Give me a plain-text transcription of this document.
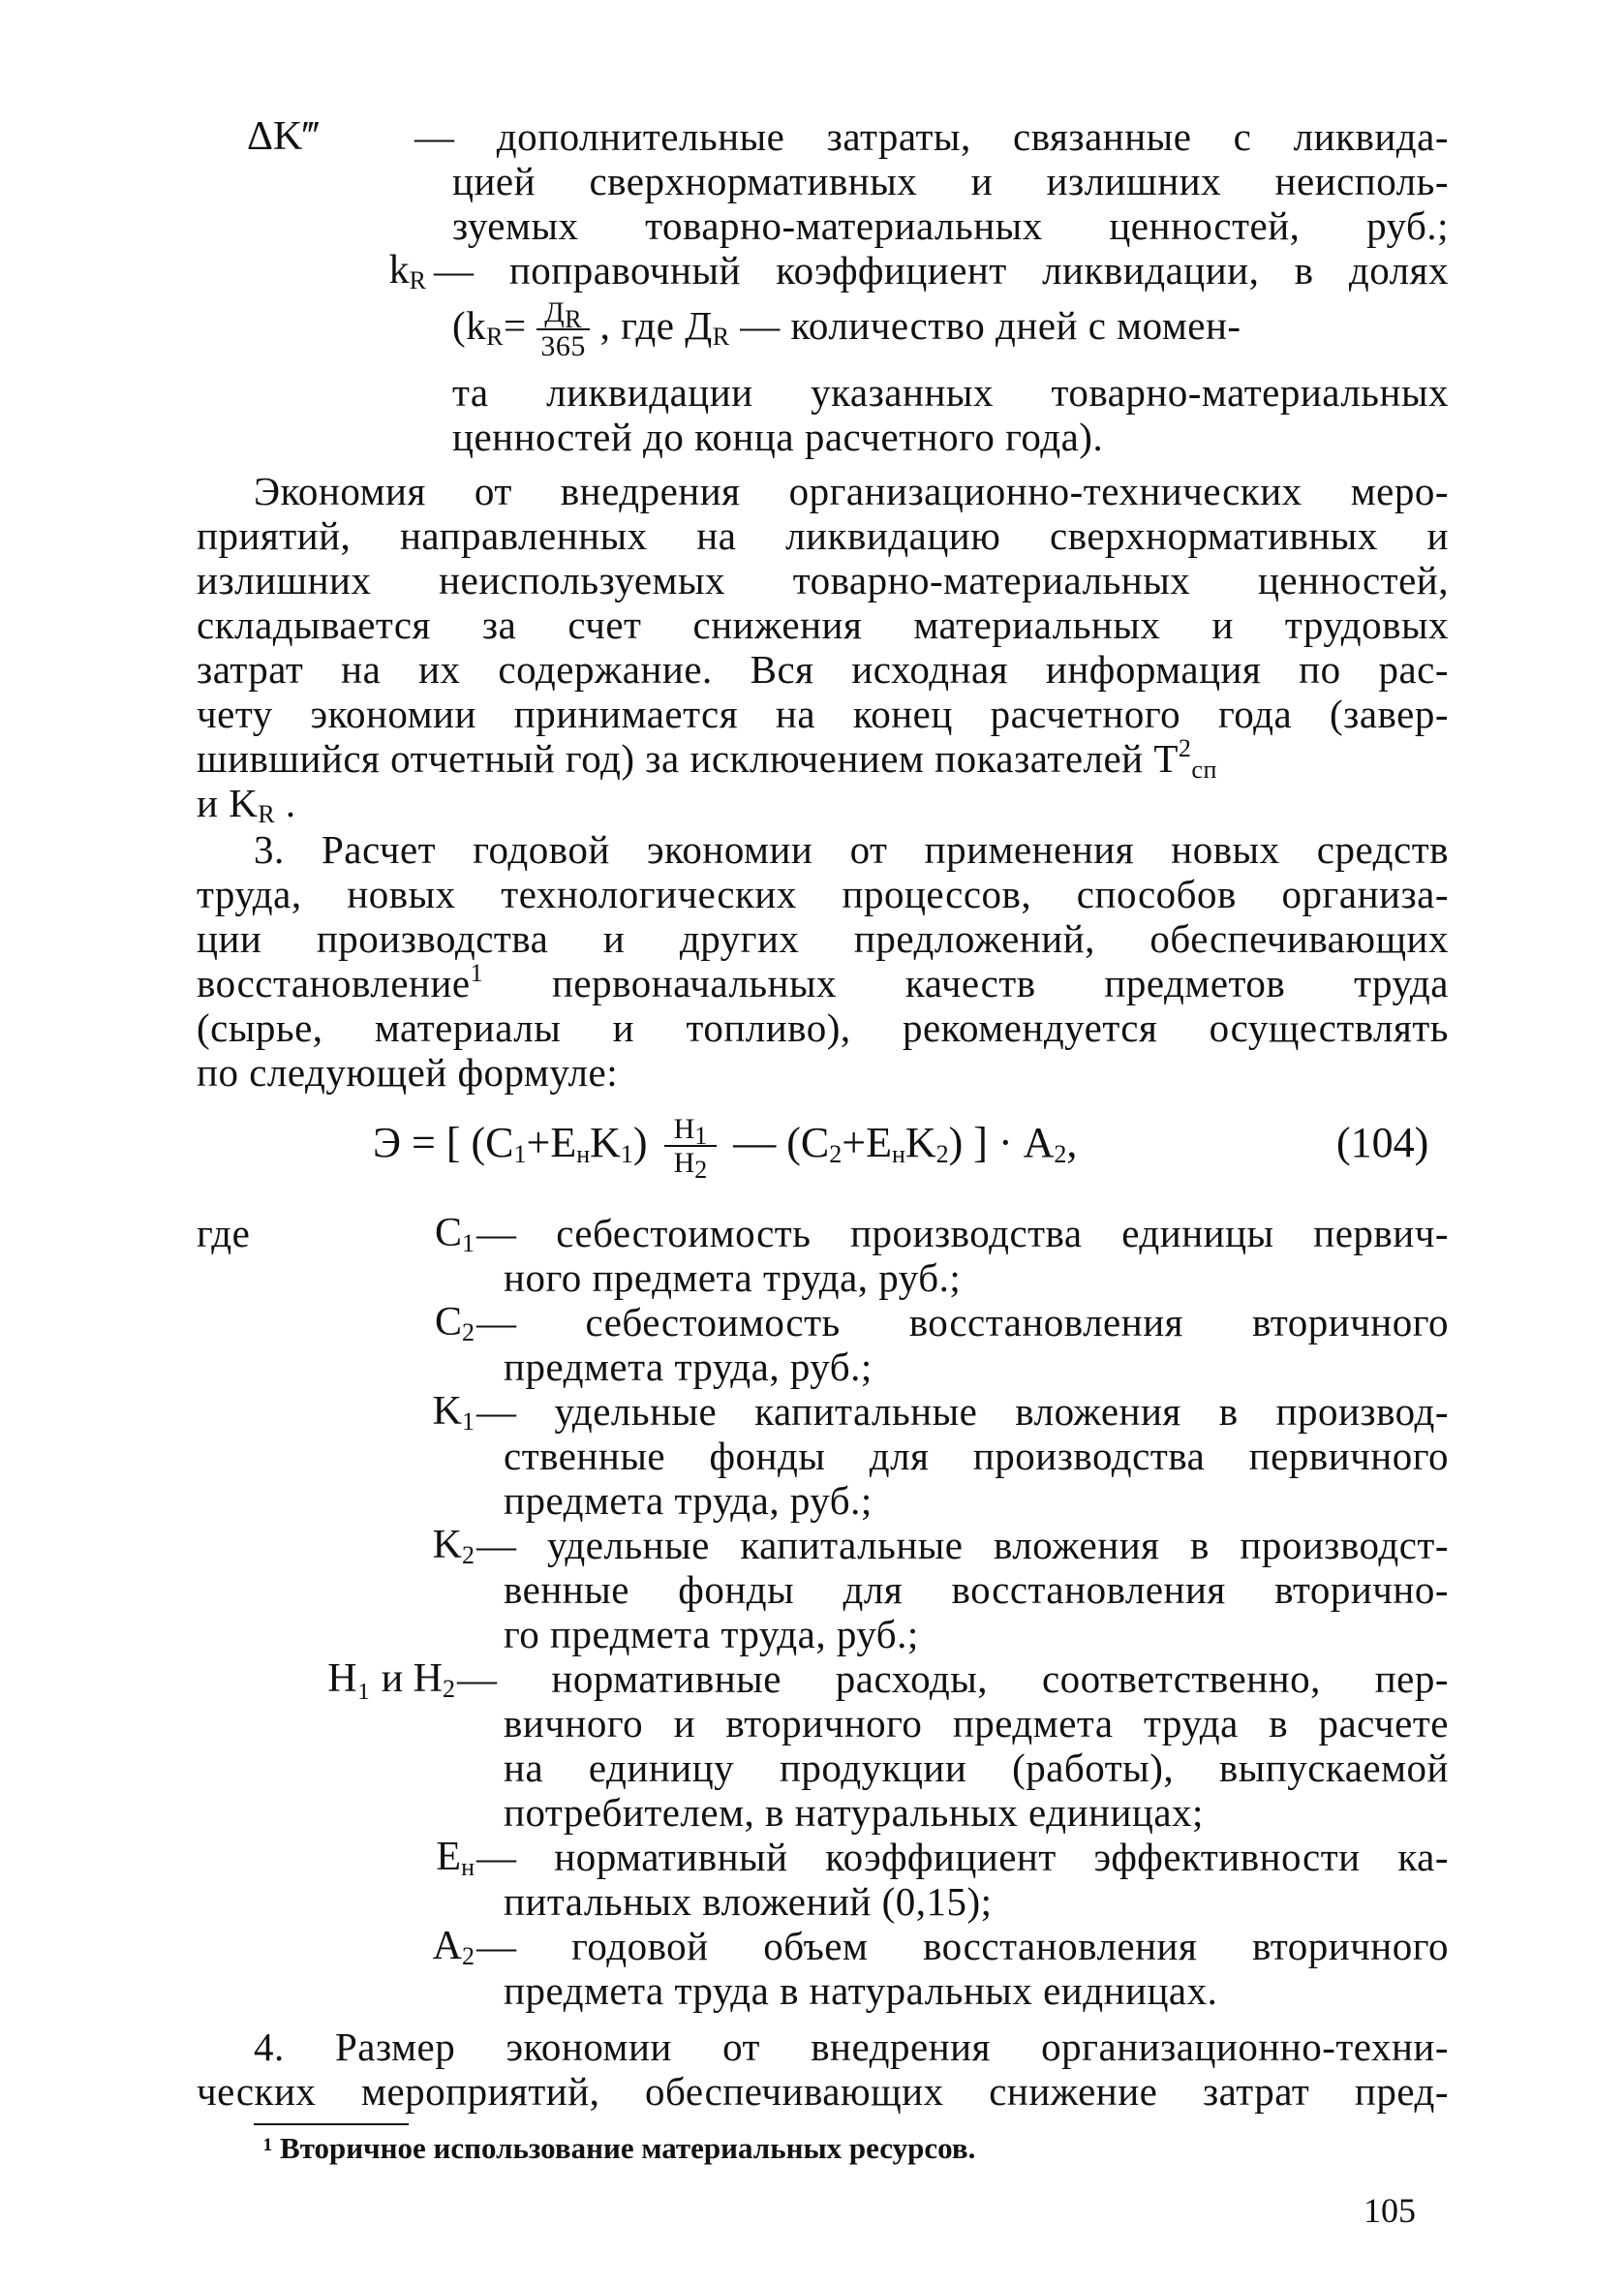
ΔK‴	— дополнительные затраты, связанные с ликвида-
цией сверхнормативных и излишних неисполь-
зуемых товарно-материальных ценностей, руб.;
$k_R$ — поправочный коэффициент ликвидации, в долях
($k_R= \frac{Д_R}{365}$ , где $Д_R$ — количество дней с момен-
та ликвидации указанных товарно-материальных
ценностей до конца расчетного года).
Экономия от внедрения организационно-технических меро-
приятий, направленных на ликвидацию сверхнормативных и
излишних неиспользуемых товарно-материальных ценностей,
складывается за счет снижения материальных и трудовых
затрат на их содержание. Вся исходная информация по рас-
чету экономии принимается на конец расчетного года (завер-
шившийся отчетный год) за исключением показателей $Т^2_{сп}$
и $K_R$ .
3. Расчет годовой экономии от применения новых средств
труда, новых технологических процессов, способов организа-
ции производства и других предложений, обеспечивающих
восстановление$^1$ первоначальных качеств предметов труда
(сырье, материалы и топливо), рекомендуется осуществлять
по следующей формуле:
Э = [ $(C_1+E_нK_1) \frac{H_1}{H_2}$ — $(C_2+E_нK_2)$ ] · $A_2$,	(104)
где	$C_1$ — себестоимость производства единицы первич-
ного предмета труда, руб.;
$C_2$ — себестоимость восстановления вторичного
предмета труда, руб.;
$K_1$ — удельные капитальные вложения в производ-
ственные фонды для производства первичного
предмета труда, руб.;
$K_2$ — удельные капитальные вложения в производст-
венные фонды для восстановления вторично-
го предмета труда, руб.;
H₁ и $H_2$ — нормативные расходы, соответственно, пер-
вичного и вторичного предмета труда в расчете
на единицу продукции (работы), выпускаемой
потребителем, в натуральных единицах;
$E_н$ — нормативный коэффициент эффективности ка-
питальных вложений (0,15);
$A_2$ — годовой объем восстановления вторичного
предмета труда в натуральных еидницах.
4. Размер экономии от внедрения организационно-техни-
ческих мероприятий, обеспечивающих снижение затрат пред-
¹ Вторичное использование материальных ресурсов.
105
